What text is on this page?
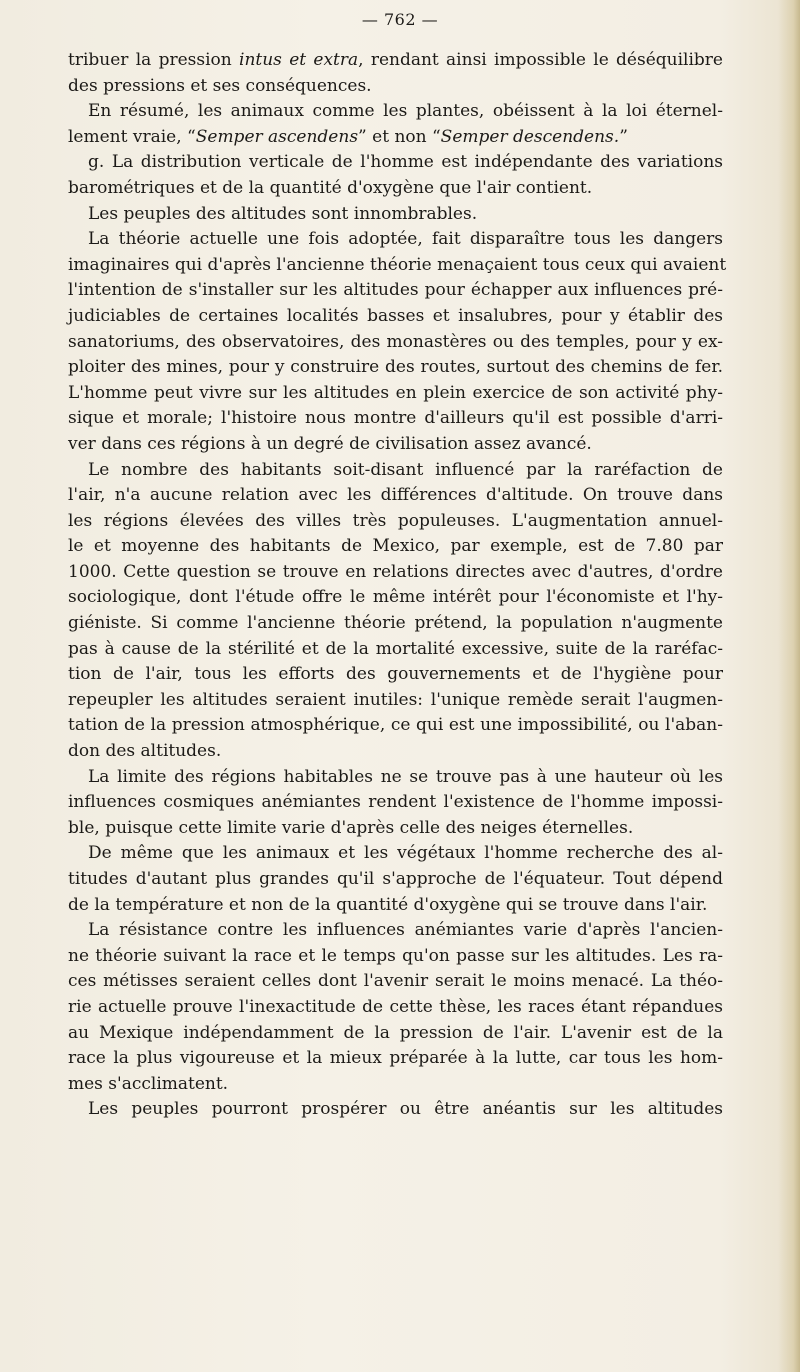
— 762 —
tribuer la pression intus et extra, rendant ainsi impossible le déséquilibre
des pressions et ses conséquences.
En résumé, les animaux comme les plantes, obéissent à la loi éternel-
lement vraie, “Semper ascendens” et non “Semper descendens.”
g. La distribution verticale de l'homme est indépendante des variations
barométriques et de la quantité d'oxygène que l'air contient.
Les peuples des altitudes sont innombrables.
La théorie actuelle une fois adoptée, fait disparaître tous les dangers
imaginaires qui d'après l'ancienne théorie menaçaient tous ceux qui avaient
l'intention de s'installer sur les altitudes pour échapper aux influences pré-
judiciables de certaines localités basses et insalubres, pour y établir des
sanatoriums, des observatoires, des monastères ou des temples, pour y ex-
ploiter des mines, pour y construire des routes, surtout des chemins de fer.
L'homme peut vivre sur les altitudes en plein exercice de son activité phy-
sique et morale; l'histoire nous montre d'ailleurs qu'il est possible d'arri-
ver dans ces régions à un degré de civilisation assez avancé.
Le nombre des habitants soit-disant influencé par la raréfaction de
l'air, n'a aucune relation avec les différences d'altitude. On trouve dans
les régions élevées des villes très populeuses. L'augmentation annuel-
le et moyenne des habitants de Mexico, par exemple, est de 7.80 par
1000. Cette question se trouve en relations directes avec d'autres, d'ordre
sociologique, dont l'étude offre le même intérêt pour l'économiste et l'hy-
giéniste. Si comme l'ancienne théorie prétend, la population n'augmente
pas à cause de la stérilité et de la mortalité excessive, suite de la raréfac-
tion de l'air, tous les efforts des gouvernements et de l'hygiène pour
repeupler les altitudes seraient inutiles: l'unique remède serait l'augmen-
tation de la pression atmosphérique, ce qui est une impossibilité, ou l'aban-
don des altitudes.
La limite des régions habitables ne se trouve pas à une hauteur où les
influences cosmiques anémiantes rendent l'existence de l'homme impossi-
ble, puisque cette limite varie d'après celle des neiges éternelles.
De même que les animaux et les végétaux l'homme recherche des al-
titudes d'autant plus grandes qu'il s'approche de l'équateur. Tout dépend
de la température et non de la quantité d'oxygène qui se trouve dans l'air.
La résistance contre les influences anémiantes varie d'après l'ancien-
ne théorie suivant la race et le temps qu'on passe sur les altitudes. Les ra-
ces métisses seraient celles dont l'avenir serait le moins menacé. La théo-
rie actuelle prouve l'inexactitude de cette thèse, les races étant répandues
au Mexique indépendamment de la pression de l'air. L'avenir est de la
race la plus vigoureuse et la mieux préparée à la lutte, car tous les hom-
mes s'acclimatent.
Les peuples pourront prospérer ou être anéantis sur les altitudes
